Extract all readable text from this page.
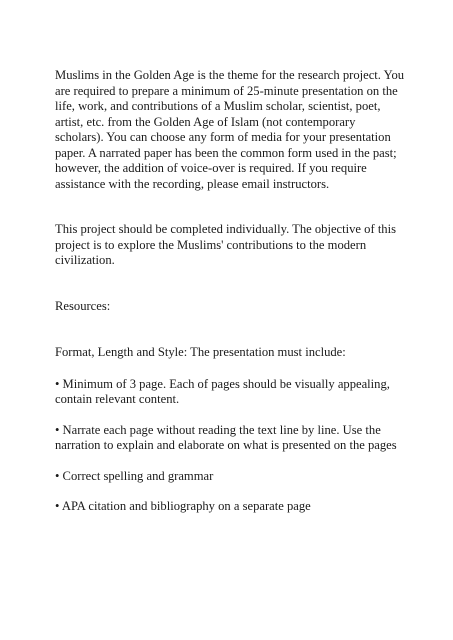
Muslims in the Golden Age is the theme for the research project. You are required to prepare a minimum of 25-minute presentation on the life, work, and contributions of a Muslim scholar, scientist, poet, artist, etc. from the Golden Age of Islam (not contemporary scholars). You can choose any form of media for your presentation paper. A narrated paper has been the common form used in the past; however, the addition of voice-over is required. If you require assistance with the recording, please email instructors.

This project should be completed individually. The objective of this project is to explore the Muslims' contributions to the modern civilization.

Resources:

Format, Length and Style: The presentation must include:

• Minimum of 3 page. Each of pages should be visually appealing, contain relevant content.

• Narrate each page without reading the text line by line. Use the narration to explain and elaborate on what is presented on the pages

• Correct spelling and grammar

• APA citation and bibliography on a separate page
